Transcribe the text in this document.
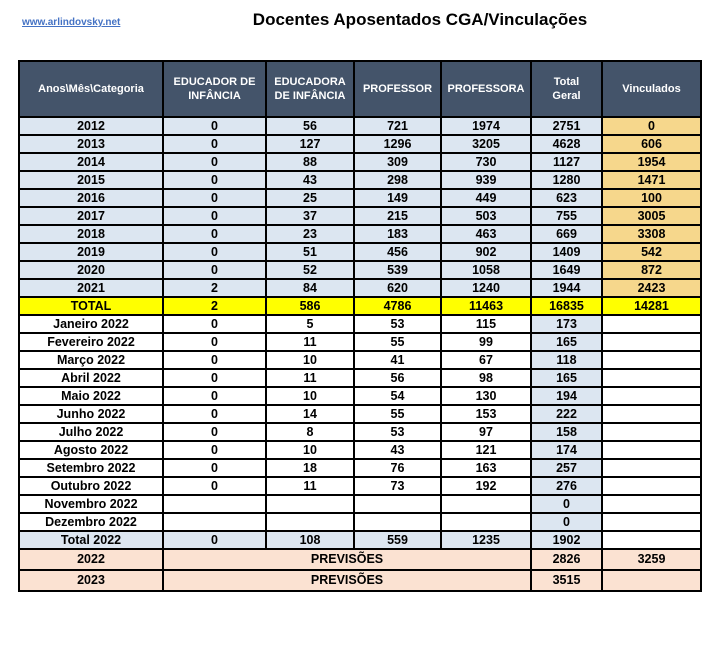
www.arlindovsky.net	Docentes Aposentados CGA/Vinculações
Anos\Mês\Categoria	EDUCADOR DE INFÂNCIA	EDUCADORA DE INFÂNCIA	PROFESSOR	PROFESSORA	Total Geral	Vinculados
2012	0	56	721	1974	2751	0
2013	0	127	1296	3205	4628	606
2014	0	88	309	730	1127	1954
2015	0	43	298	939	1280	1471
2016	0	25	149	449	623	100
2017	0	37	215	503	755	3005
2018	0	23	183	463	669	3308
2019	0	51	456	902	1409	542
2020	0	52	539	1058	1649	872
2021	2	84	620	1240	1944	2423
TOTAL	2	586	4786	11463	16835	14281
Janeiro 2022	0	5	53	115	173	
Fevereiro 2022	0	11	55	99	165	
Março 2022	0	10	41	67	118	
Abril 2022	0	11	56	98	165	
Maio 2022	0	10	54	130	194	
Junho 2022	0	14	55	153	222	
Julho 2022	0	8	53	97	158	
Agosto 2022	0	10	43	121	174	
Setembro 2022	0	18	76	163	257	
Outubro 2022	0	11	73	192	276	
Novembro 2022					0	
Dezembro 2022					0	
Total 2022	0	108	559	1235	1902	
2022	PREVISÕES				2826	3259
2023	PREVISÕES				3515	
